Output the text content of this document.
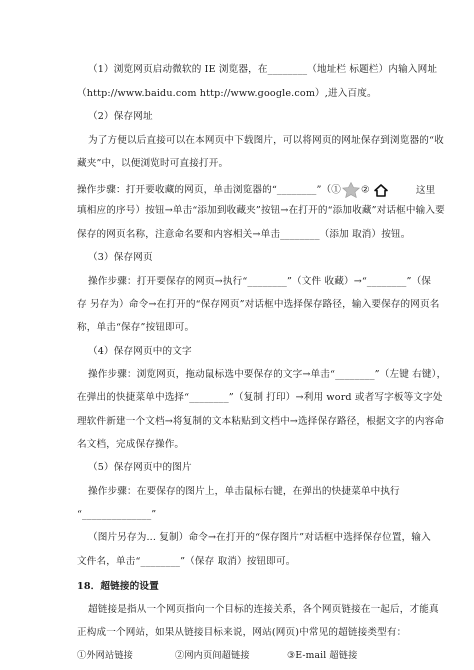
（1）浏览网页启动微软的 IE 浏览器，在________（地址栏 标题栏）内输入网址
（http://www.baidu.com http://www.google.com）,进入百度。
（2）保存网址
为了方便以后直接可以在本网页中下载图片，可以将网页的网址保存到浏览器的“收
藏夹”中，以便浏览时可直接打开。
操作步骤：打开要收藏的网页，单击浏览器的“________”（① ②	这里
填相应的序号）按钮→单击“添加到收藏夹”按钮→在打开的“添加收藏”对话框中输入要
保存的网页名称，注意命名要和内容相关→单击________（添加 取消）按钮。
（3）保存网页
操作步骤：打开要保存的网页→执行“________”（文件 收藏）→“________”（保
存 另存为）命令→在打开的“保存网页”对话框中选择保存路径，输入要保存的网页名
称，单击“保存”按钮即可。
（4）保存网页中的文字
操作步骤：浏览网页，拖动鼠标选中要保存的文字→单击“________”（左键 右键），
在弹出的快捷菜单中选择“________”（复制 打印）→利用 word 或者写字板等文字处
理软件新建一个文档→将复制的文本粘贴到文档中→选择保存路径，根据文字的内容命
名文档，完成保存操作。
（5）保存网页中的图片
操作步骤：在要保存的图片上，单击鼠标右键，在弹出的快捷菜单中执行
“______________”
（图片另存为... 复制）命令→在打开的“保存图片”对话框中选择保存位置，输入
文件名，单击“________”（保存 取消）按钮即可。
18．超链接的设置
超链接是指从一个网页指向一个目标的连接关系，各个网页链接在一起后，才能真
正构成一个网站，如果从链接目标来说，网站(网页)中常见的超链接类型有：
①外网站链接	②网内页间超链接	③E-mail 超链接
